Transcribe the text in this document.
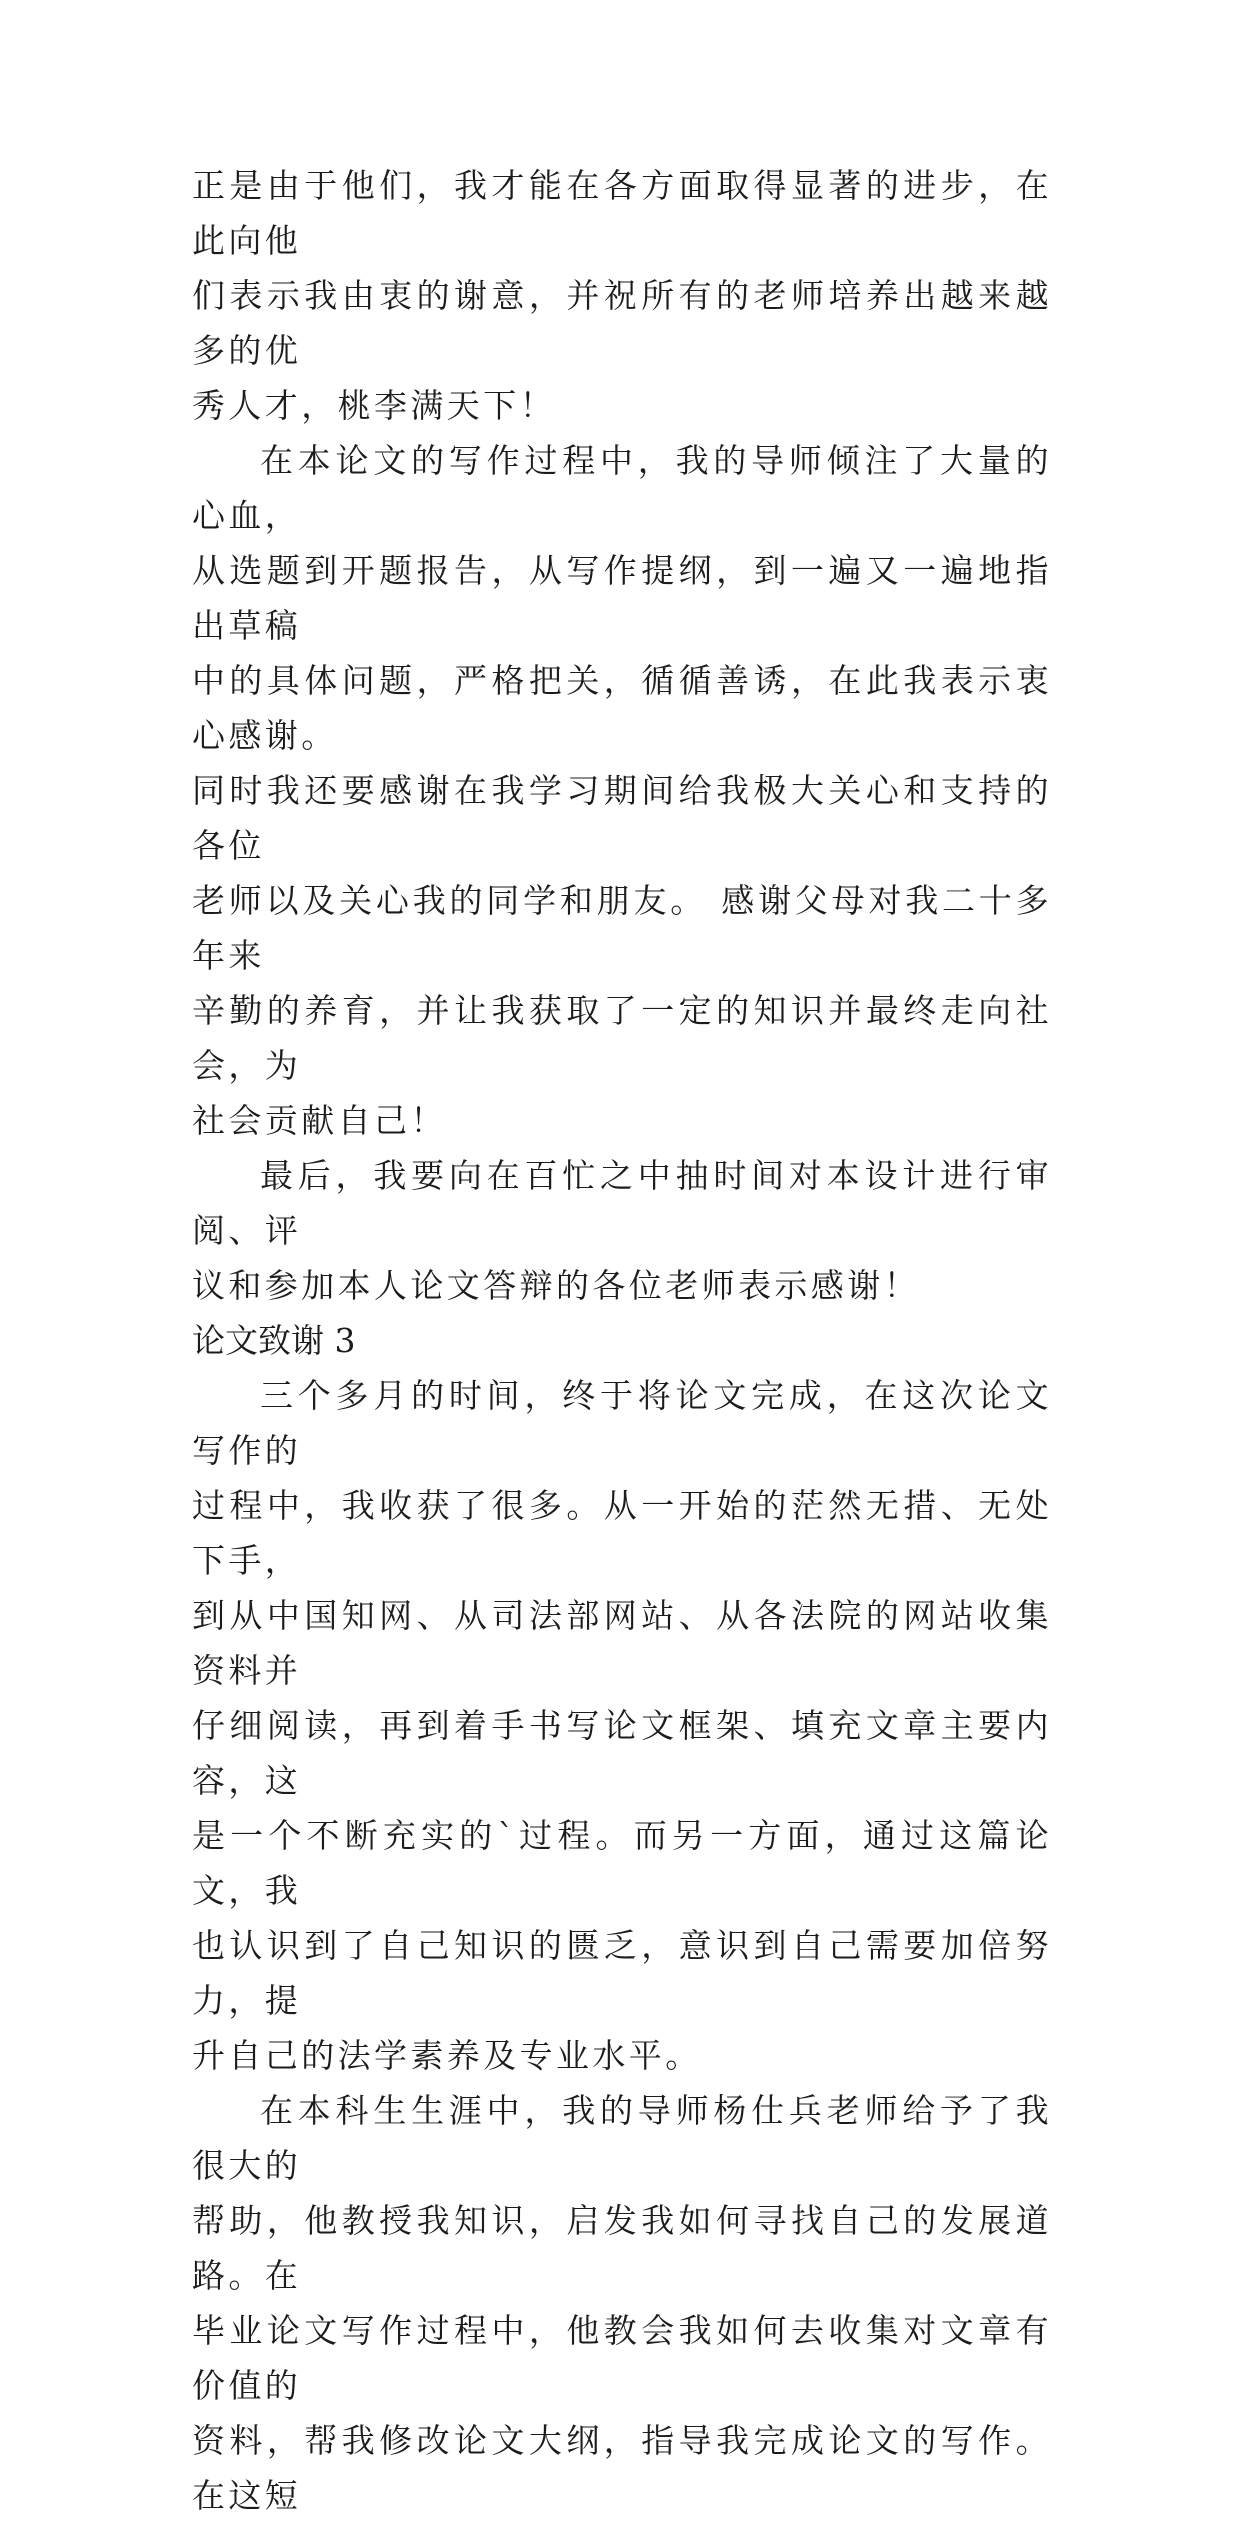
正是由于他们，我才能在各方面取得显著的进步，在此向他
们表示我由衷的谢意，并祝所有的老师培养出越来越多的优
秀人才，桃李满天下！

在本论文的写作过程中，我的导师倾注了大量的心血，
从选题到开题报告，从写作提纲，到一遍又一遍地指出草稿
中的具体问题，严格把关，循循善诱，在此我表示衷心感谢。
同时我还要感谢在我学习期间给我极大关心和支持的各位
老师以及关心我的同学和朋友。 感谢父母对我二十多年来
辛勤的养育，并让我获取了一定的知识并最终走向社会，为
社会贡献自己！

最后，我要向在百忙之中抽时间对本设计进行审阅、评
议和参加本人论文答辩的各位老师表示感谢！

论文致谢 3

三个多月的时间，终于将论文完成，在这次论文写作的
过程中，我收获了很多。从一开始的茫然无措、无处下手，
到从中国知网、从司法部网站、从各法院的网站收集资料并
仔细阅读，再到着手书写论文框架、填充文章主要内容，这
是一个不断充实的`过程。而另一方面，通过这篇论文，我
也认识到了自己知识的匮乏，意识到自己需要加倍努力，提
升自己的法学素养及专业水平。

在本科生生涯中，我的导师杨仕兵老师给予了我很大的
帮助，他教授我知识，启发我如何寻找自己的发展道路。在
毕业论文写作过程中，他教会我如何去收集对文章有价值的
资料，帮我修改论文大纲，指导我完成论文的写作。在这短
